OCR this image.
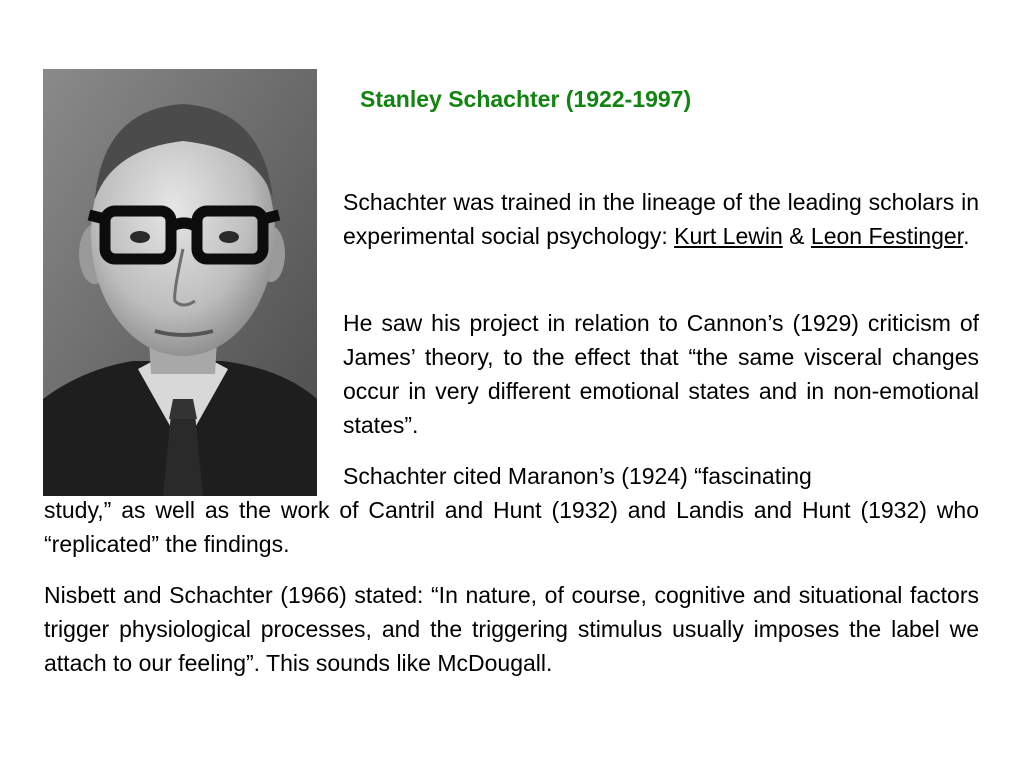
Stanley Schachter (1922-1997)

Schachter was trained in the lineage of the leading scholars in experimental social psychology: Kurt Lewin & Leon Festinger.

He saw his project in relation to Cannon’s (1929) criticism of James’ theory, to the effect that “the same visceral changes occur in very different emotional states and in non-emotional states”.

Schachter cited Maranon’s (1924) “fascinating

study,” as well as the work of Cantril and Hunt (1932) and Landis and Hunt (1932) who “replicated” the findings.

Nisbett and Schachter (1966) stated: “In nature, of course, cognitive and situational factors trigger physiological processes, and the triggering stimulus usually imposes the label we attach to our feeling”. This sounds like McDougall.
